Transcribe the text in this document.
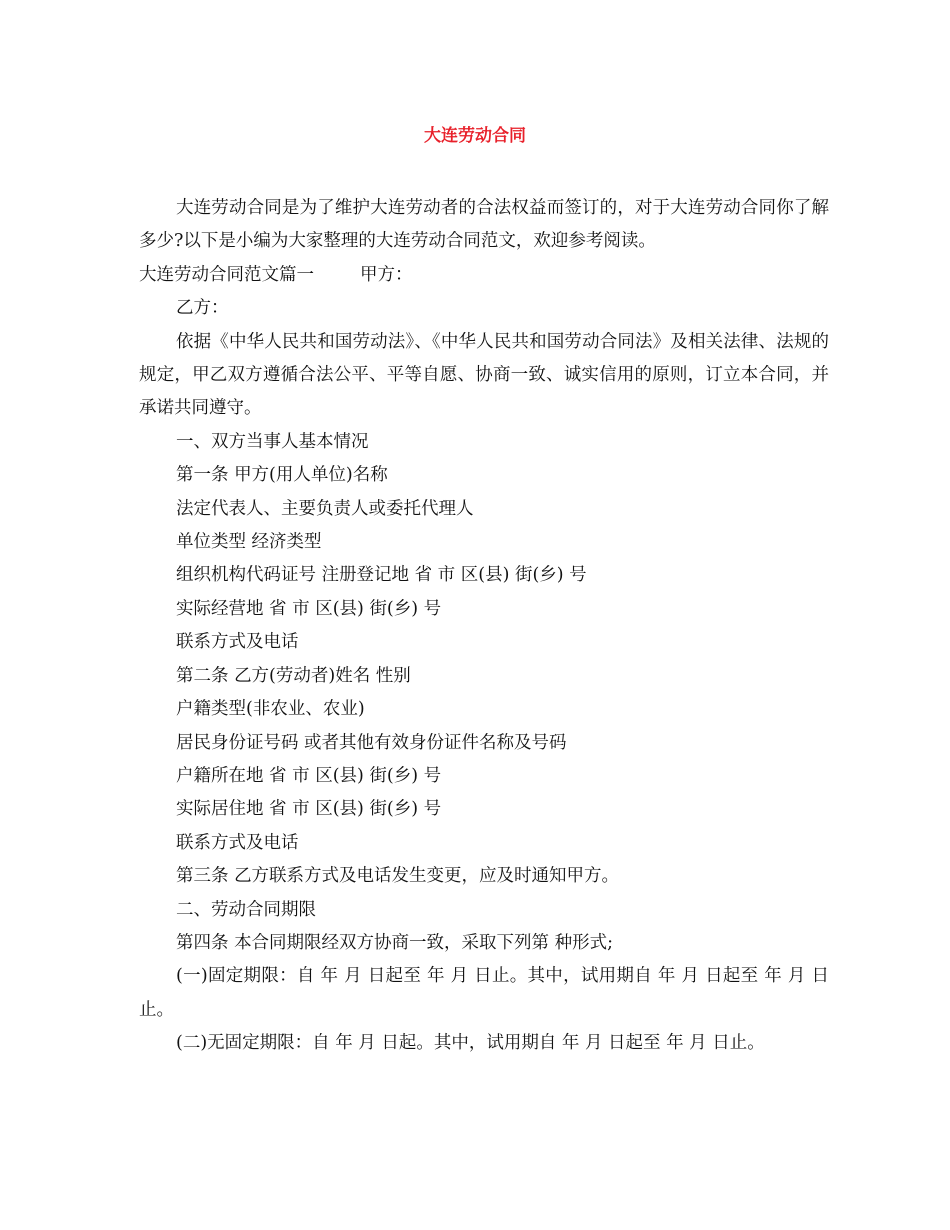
大连劳动合同

大连劳动合同是为了维护大连劳动者的合法权益而签订的，对于大连劳动合同你了解多少?以下是小编为大家整理的大连劳动合同范文，欢迎参考阅读。

大连劳动合同范文篇一	甲方：

乙方：

依据《中华人民共和国劳动法》、《中华人民共和国劳动合同法》及相关法律、法规的规定，甲乙双方遵循合法公平、平等自愿、协商一致、诚实信用的原则，订立本合同，并承诺共同遵守。

一、双方当事人基本情况

第一条 甲方(用人单位)名称

法定代表人、主要负责人或委托代理人

单位类型 经济类型

组织机构代码证号 注册登记地 省 市 区(县) 街(乡) 号

实际经营地 省 市 区(县) 街(乡) 号

联系方式及电话

第二条 乙方(劳动者)姓名 性别

户籍类型(非农业、农业)

居民身份证号码 或者其他有效身份证件名称及号码

户籍所在地 省 市 区(县) 街(乡) 号

实际居住地 省 市 区(县) 街(乡) 号

联系方式及电话

第三条 乙方联系方式及电话发生变更，应及时通知甲方。

二、劳动合同期限

第四条 本合同期限经双方协商一致，采取下列第 种形式;

(一)固定期限：自 年 月 日起至 年 月 日止。其中，试用期自 年 月 日起至 年 月 日止。

(二)无固定期限：自 年 月 日起。其中，试用期自 年 月 日起至 年 月 日止。
